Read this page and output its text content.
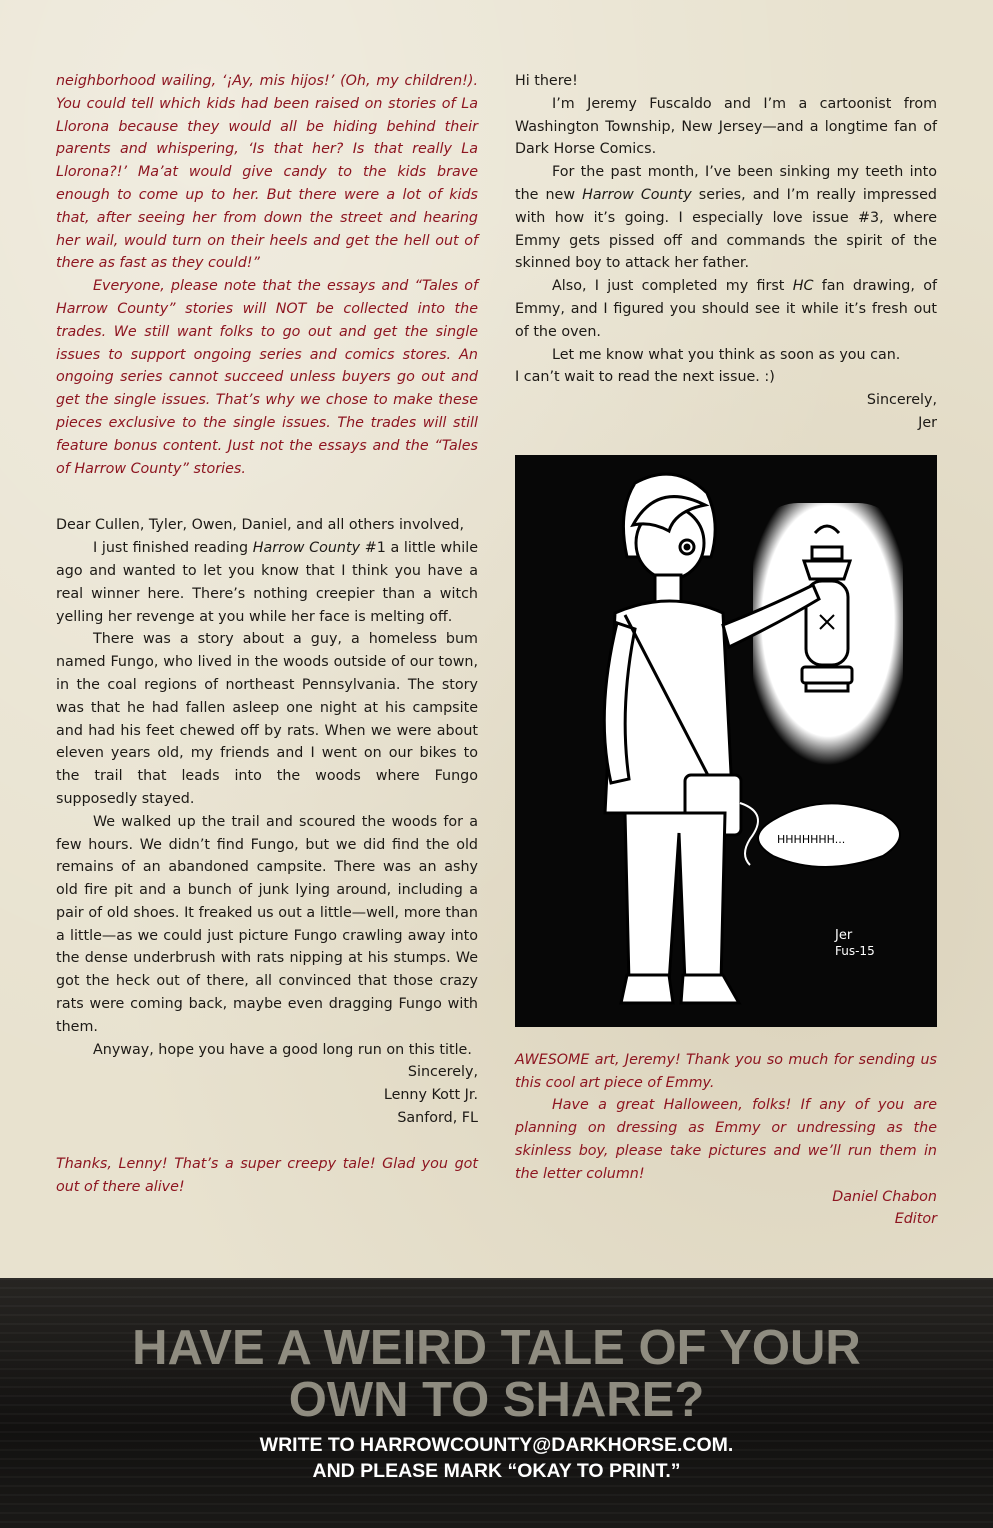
neighborhood wailing, ‘¡Ay, mis hijos!’ (Oh, my children!). You could tell which kids had been raised on stories of La Llorona because they would all be hiding behind their parents and whispering, ‘Is that her? Is that really La Llorona?!’ Ma’at would give candy to the kids brave enough to come up to her. But there were a lot of kids that, after seeing her from down the street and hearing her wail, would turn on their heels and get the hell out of there as fast as they could!”

Everyone, please note that the essays and “Tales of Harrow County” stories will NOT be collected into the trades. We still want folks to go out and get the single issues to support ongoing series and comics stores. An ongoing series cannot succeed unless buyers go out and get the single issues. That’s why we chose to make these pieces exclusive to the single issues. The trades will still feature bonus content. Just not the essays and the “Tales of Harrow County” stories.

Dear Cullen, Tyler, Owen, Daniel, and all others involved,

I just finished reading Harrow County #1 a little while ago and wanted to let you know that I think you have a real winner here. There’s nothing creepier than a witch yelling her revenge at you while her face is melting off.

There was a story about a guy, a homeless bum named Fungo, who lived in the woods outside of our town, in the coal regions of northeast Pennsylvania. The story was that he had fallen asleep one night at his campsite and had his feet chewed off by rats. When we were about eleven years old, my friends and I went on our bikes to the trail that leads into the woods where Fungo supposedly stayed.

We walked up the trail and scoured the woods for a few hours. We didn’t find Fungo, but we did find the old remains of an abandoned campsite. There was an ashy old fire pit and a bunch of junk lying around, including a pair of old shoes. It freaked us out a little—well, more than a little—as we could just picture Fungo crawling away into the dense underbrush with rats nipping at his stumps. We got the heck out of there, all convinced that those crazy rats were coming back, maybe even dragging Fungo with them.

Anyway, hope you have a good long run on this title.

Sincerely,

Lenny Kott Jr.

Sanford, FL

Thanks, Lenny! That’s a super creepy tale! Glad you got out of there alive!

Hi there!

I’m Jeremy Fuscaldo and I’m a cartoonist from Washington Township, New Jersey—and a longtime fan of Dark Horse Comics.

For the past month, I’ve been sinking my teeth into the new Harrow County series, and I’m really impressed with how it’s going. I especially love issue #3, where Emmy gets pissed off and commands the spirit of the skinned boy to attack her father.

Also, I just completed my first HC fan drawing, of Emmy, and I figured you should see it while it’s fresh out of the oven.

Let me know what you think as soon as you can.

I can’t wait to read the next issue. :)

Sincerely,

Jer

AWESOME art, Jeremy! Thank you so much for sending us this cool art piece of Emmy.

Have a great Halloween, folks! If any of you are planning on dressing as Emmy or undressing as the skinless boy, please take pictures and we’ll run them in the letter column!

Daniel Chabon

Editor

HHHHHHH...
Jer
Fus-15
HAVE A WEIRD TALE OF YOUR
OWN TO SHARE?
WRITE TO HARROWCOUNTY@DARKHORSE.COM.
AND PLEASE MARK “OKAY TO PRINT.”
